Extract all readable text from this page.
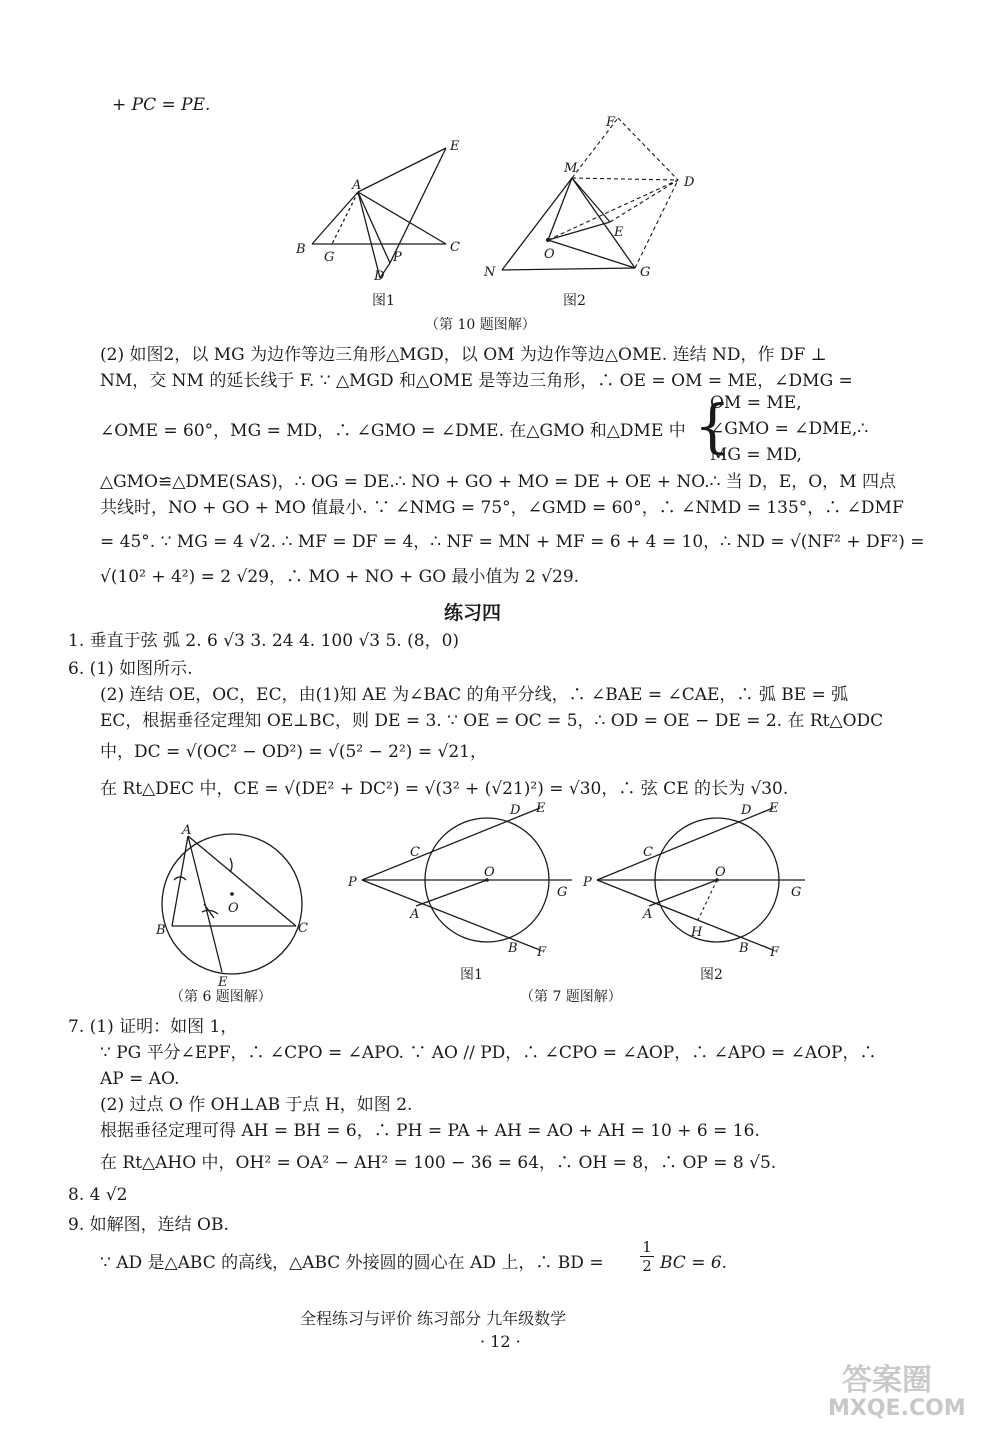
+ PC = PE.
A
B	C
D
E
G	P
图1
M
N
O
G
D
E
F
图2
（第 10 题图解）
(2) 如图2，以 MG 为边作等边三角形△MGD，以 OM 为边作等边△OME. 连结 ND，作 DF ⊥
NM，交 NM 的延长线于 F. ∵ △MGD 和△OME 是等边三角形，∴ OE = OM = ME，∠DMG =
∠OME = 60°，MG = MD，∴ ∠GMO = ∠DME. 在△GMO 和△DME 中 {
OM = ME,
∠GMO = ∠DME,∴
MG = MD,
△GMO≌△DME(SAS)，∴ OG = DE.∴ NO + GO + MO = DE + OE + NO.∴ 当 D，E，O，M 四点
共线时，NO + GO + MO 值最小. ∵ ∠NMG = 75°，∠GMD = 60°，∴ ∠NMD = 135°，∴ ∠DMF
= 45°. ∵ MG = 4 √2. ∴ MF = DF = 4，∴ NF = MN + MF = 6 + 4 = 10，∴ ND = √(NF² + DF²) =
√(10² + 4²) = 2 √29，∴ MO + NO + GO 最小值为 2 √29.
练习四
1. 垂直于弦 弧 2. 6 √3 3. 24 4. 100 √3 5. (8，0)
6. (1) 如图所示.
(2) 连结 OE，OC，EC，由(1)知 AE 为∠BAC 的角平分线，∴ ∠BAE = ∠CAE，∴ 弧 BE = 弧
EC，根据垂径定理知 OE⊥BC，则 DE = 3. ∵ OE = OC = 5，∴ OD = OE − DE = 2. 在 Rt△ODC
中，DC = √(OC² − OD²) = √(5² − 2²) = √21，
在 Rt△DEC 中，CE = √(DE² + DC²) = √(3² + (√21)²) = √30，∴ 弦 CE 的长为 √30.
A
B	C
E
O
（第 6 题图解）
P
C
D E
O
G
A
B F
图1
P
C
D E
O
G
A
H
B F
图2
（第 7 题图解）
7. (1) 证明：如图 1，
∵ PG 平分∠EPF，∴ ∠CPO = ∠APO. ∵ AO // PD，∴ ∠CPO = ∠AOP，∴ ∠APO = ∠AOP，∴
AP = AO.
(2) 过点 O 作 OH⊥AB 于点 H，如图 2.
根据垂径定理可得 AH = BH = 6，∴ PH = PA + AH = AO + AH = 10 + 6 = 16.
在 Rt△AHO 中，OH² = OA² − AH² = 100 − 36 = 64，∴ OH = 8，∴ OP = 8 √5.
8. 4 √2
9. 如解图，连结 OB.
∵ AD 是△ABC 的高线，△ABC 外接圆的圆心在 AD 上，∴ BD = $\frac{1}{2}$ BC = 6.
全程练习与评价 练习部分 九年级数学
· 12 ·
答案圈
MXQE.COM
